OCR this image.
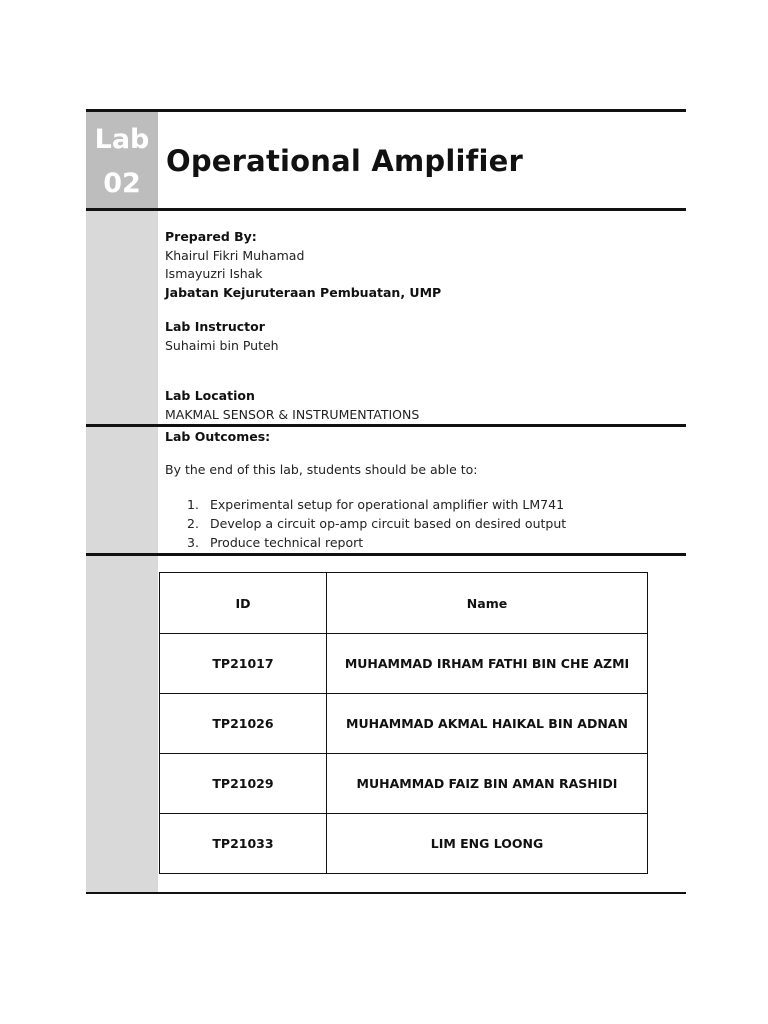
Lab
02
Operational Amplifier
Prepared By:
Khairul Fikri Muhamad
Ismayuzri Ishak
Jabatan Kejuruteraan Pembuatan, UMP
Lab Instructor
Suhaimi bin Puteh
Lab Location
MAKMAL SENSOR & INSTRUMENTATIONS
Lab Outcomes:
By the end of this lab, students should be able to:
1. Experimental setup for operational amplifier with LM741
2. Develop a circuit op-amp circuit based on desired output
3. Produce technical report
ID	Name
TP21017	MUHAMMAD IRHAM FATHI BIN CHE AZMI
TP21026	MUHAMMAD AKMAL HAIKAL BIN ADNAN
TP21029	MUHAMMAD FAIZ BIN AMAN RASHIDI
TP21033	LIM ENG LOONG
